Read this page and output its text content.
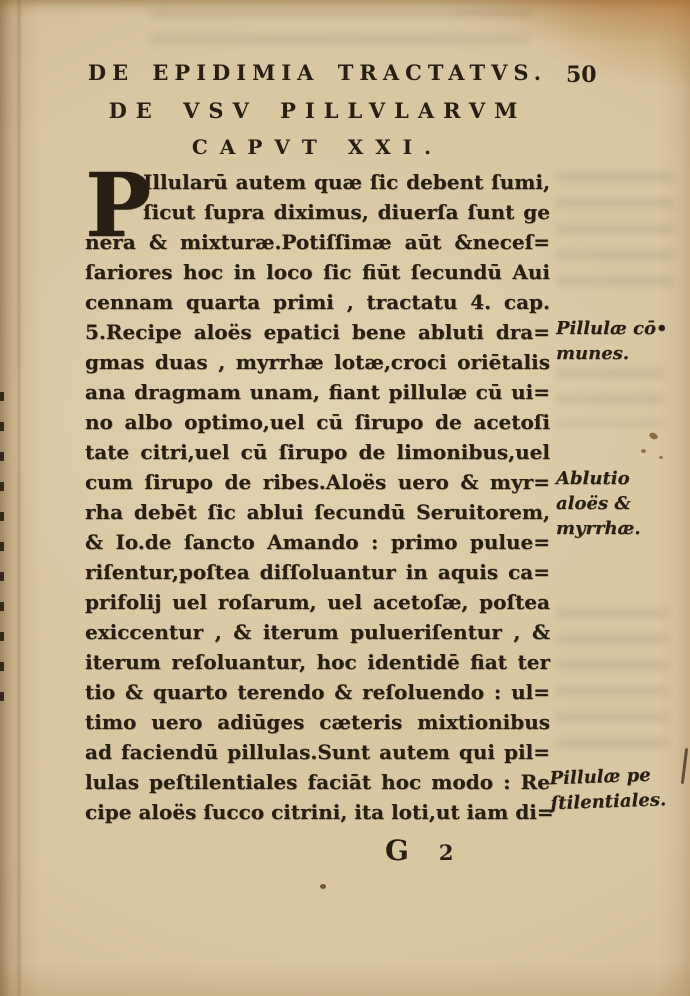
DE EPIDIMIA TRACTATVS. 50
DE VSV PILLVLARVM
CAPVT XXI.
P
Illularū autem quæ ſic debent ſumi,
ſicut ſupra diximus, diuerſa ſunt ge
nera & mixturæ.Potiſſimæ aūt &neceſ=
ſariores hoc in loco ſic fiūt ſecundū Aui
cennam quarta primi , tractatu 4. cap.
5.Recipe aloës epatici bene abluti dra=
gmas duas , myrrhæ lotæ,croci oriētalis
ana dragmam unam, fiant pillulæ cū ui=
no albo optimo,uel cū ſirupo de acetoſi
tate citri,uel cū ſirupo de limonibus,uel
cum ſirupo de ribes.Aloës uero & myr=
rha debēt ſic ablui ſecundū Seruitorem,
& Io.de ſancto Amando : primo pulue=
riſentur,poſtea diſſoluantur in aquis ca=
prifolij uel roſarum, uel acetoſæ, poſtea
exiccentur , & iterum pulueriſentur , &
iterum reſoluantur, hoc identidē fiat ter
tio & quarto terendo & reſoluendo : ul=
timo uero adiūges cæteris mixtionibus
ad faciendū pillulas.Sunt autem qui pil=
lulas peſtilentiales faciāt hoc modo : Re
cipe aloës ſucco citrini, ita loti,ut iam di=
Pillulæ cō•
munes.
Ablutio
aloës &
myrrhæ.
Pillulæ pe
ſtilentiales.
G 2
